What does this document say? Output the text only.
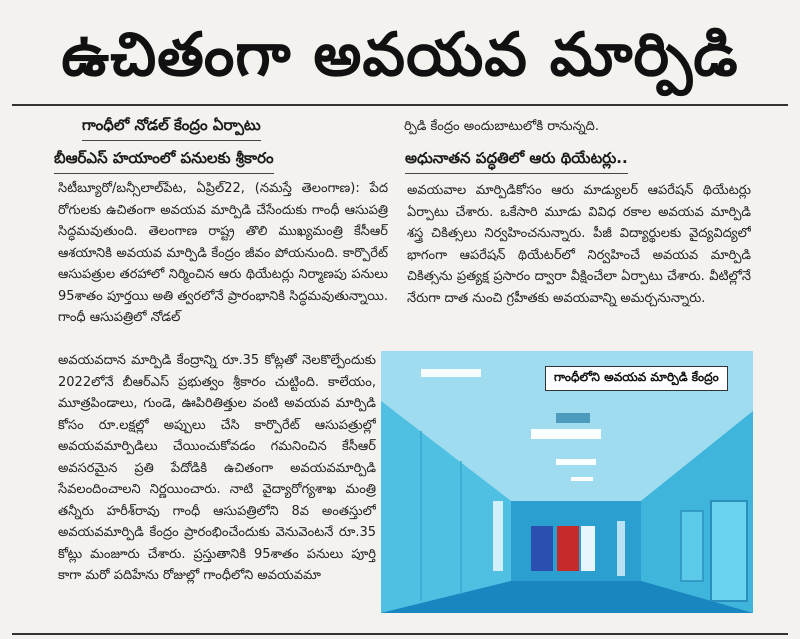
ఉచితంగా అవయవ మార్పిడి
గాంధీలో నోడల్ కేంద్రం ఏర్పాటు
బీఆర్ఎస్ హయాంలో పనులకు శ్రీకారం

ర్పిడి కేంద్రం అందుబాటులోకి రానున్నది.

అధునాతన పద్ధతిలో ఆరు థియేటర్లు..

సిటీబ్యూరో/బన్సీలాల్‌పేట, ఏప్రిల్22, (నమస్తే తెలంగాణ): పేద రోగులకు ఉచితంగా అవయవ మార్పిడి చేసేందుకు గాంధీ ఆసుపత్రి సిద్ధమవుతుంది. తెలంగాణ రాష్ట్ర తొలి ముఖ్యమంత్రి కేసీఆర్ ఆశయానికి అవయవ మార్పిడి కేంద్రం జీవం పోయనుంది. కార్పొరేట్ ఆసుపత్రుల తరహాలో నిర్మించిన ఆరు థియేటర్లు నిర్మాణపు పనులు 95శాతం పూర్తయి అతి త్వరలోనే ప్రారంభానికి సిద్ధమవుతున్నాయి. గాంధీ ఆసుపత్రిలో నోడల్

అవయవాల మార్పిడికోసం ఆరు మాడ్యులర్ ఆపరేషన్ థియేటర్లు ఏర్పాటు చేశారు. ఒకేసారి మూడు వివిధ రకాల అవయవ మార్పిడి శస్త్ర చికిత్సలు నిర్వహించనున్నారు. పీజీ విద్యార్థులకు వైద్యవిద్యలో భాగంగా ఆపరేషన్ థియేటర్‌లో నిర్వహించే అవయవ మార్పిడి చికిత్సను ప్రత్యక్ష ప్రసారం ద్వారా వీక్షించేలా ఏర్పాటు చేశారు. వీటిల్లోనే నేరుగా దాత నుంచి గ్రహీతకు అవయవాన్ని అమర్చనున్నారు.

అవయవదాన మార్పిడి కేంద్రాన్ని రూ.35 కోట్లతో నెలకొల్పేందుకు 2022లోనే బీఆర్ఎస్ ప్రభుత్వం శ్రీకారం చుట్టింది. కాలేయం, మూత్రపిండాలు, గుండె, ఊపిరితిత్తుల వంటి అవయవ మార్పిడి కోసం రూ.లక్షల్లో అప్పులు చేసి కార్పొరేట్ ఆసుపత్రుల్లో అవయవమార్పిడిలు చేయించుకోవడం గమనించిన కేసీఆర్ అవసరమైన ప్రతి పేదోడికి ఉచితంగా అవయవమార్పిడి సేవలందించాలని నిర్ణయించారు. నాటి వైద్యారోగ్యశాఖ మంత్రి తన్నీరు హరీశ్‌రావు గాంధీ ఆసుపత్రిలోని 8వ అంతస్తులో అవయవమార్పిడి కేంద్రం ప్రారంభించేందుకు వెనువెంటనే రూ.35 కోట్లు మంజూరు చేశారు. ప్రస్తుతానికి 95శాతం పనులు పూర్తి కాగా మరో పదిహేను రోజుల్లో గాంధీలోని అవయవమా

గాంధీలోని అవయవ మార్పిడి కేంద్రం
